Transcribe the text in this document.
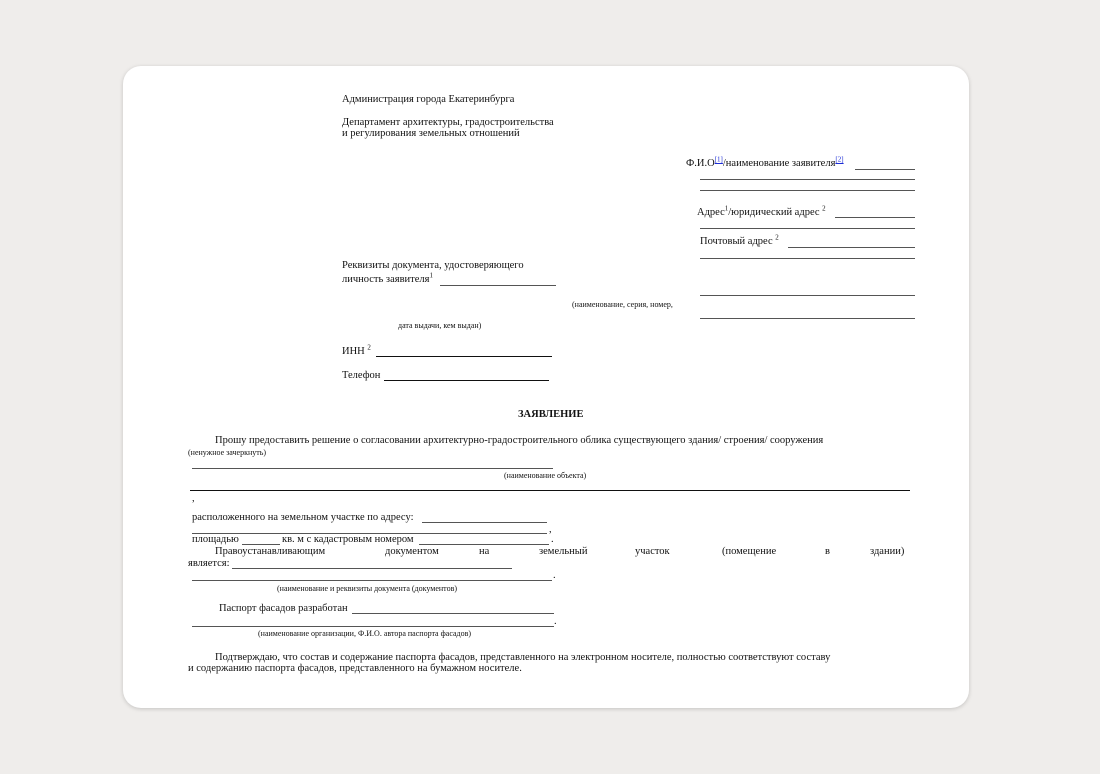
Администрация города Екатеринбурга
Департамент архитектуры, градостроительства
и регулирования земельных отношений
Ф.И.О[1]/наименование заявителя[2]
Адрес$^1$/юридический адрес $^2$
Почтовый адрес $^2$
Реквизиты документа, удостоверяющего
личность заявителя$^1$
(наименование, серия, номер,
дата выдачи, кем выдан)
ИНН $^2$
Телефон
ЗАЯВЛЕНИЕ
Прошу предоставить решение о согласовании архитектурно-градостроительного облика существующего здания/ строения/ сооружения
(ненужное зачеркнуть)
(наименование объекта)
,
расположенного на земельном участке по адресу:
,
площадью	кв. м с кадастровым номером	.
Правоустанавливающим	документом	на	земельный	участок	(помещение	в	здании)
является:
.
(наименование и реквизиты документа (документов)
Паспорт фасадов разработан
.
(наименование организации, Ф.И.О. автора паспорта фасадов)
Подтверждаю, что состав и содержание паспорта фасадов, представленного на электронном носителе, полностью соответствуют составу
и содержанию паспорта фасадов, представленного на бумажном носителе.
